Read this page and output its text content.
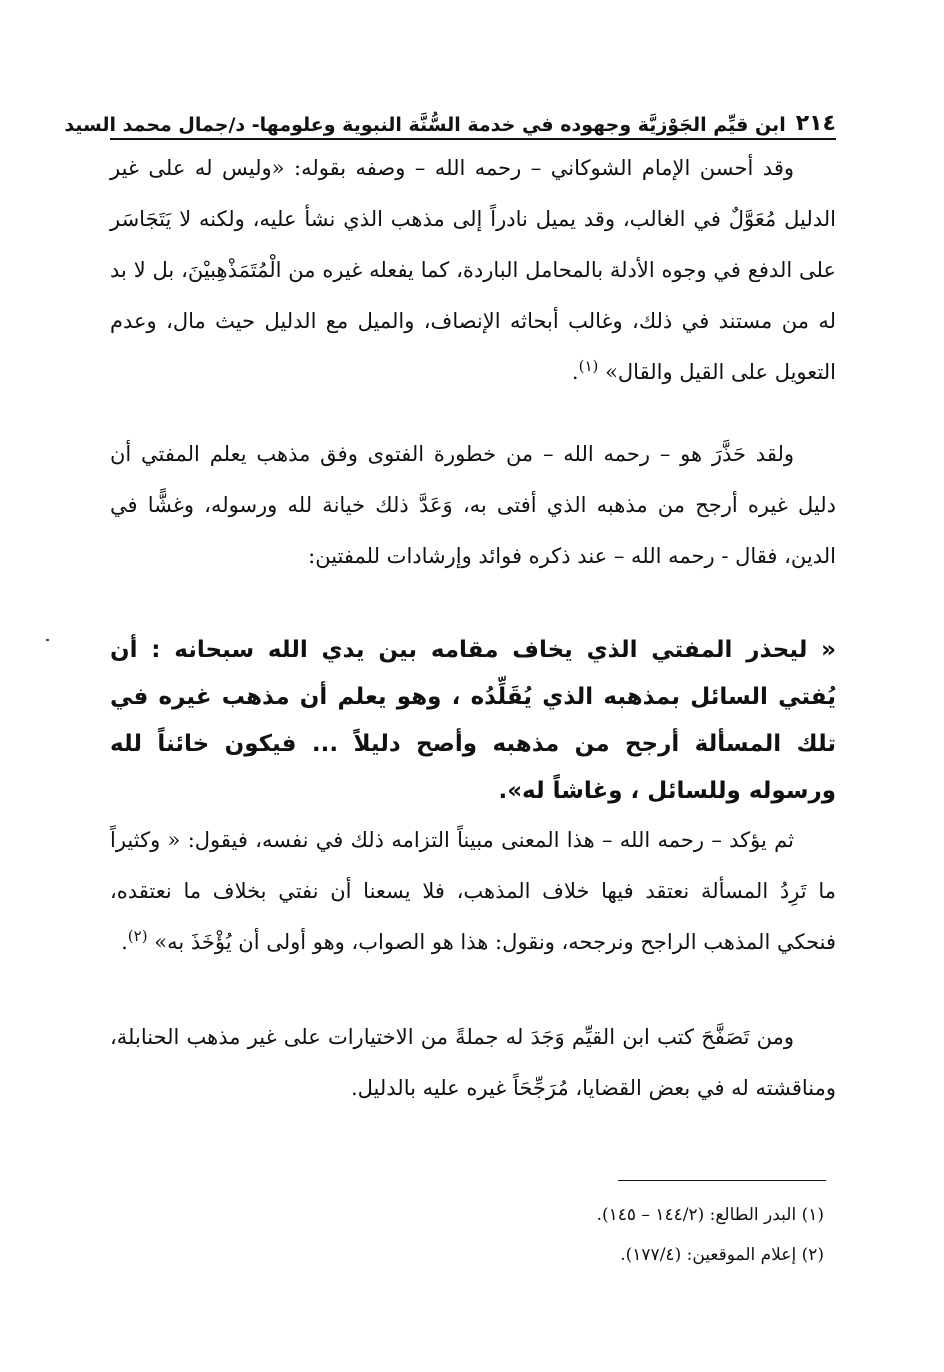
٢١٤
ابن قيِّم الجَوْزيَّة وجهوده في خدمة السُّنَّة النبوية وعلومها- د/جمال محمد السيد

وقد أحسن الإمام الشوكاني – رحمه الله – وصفه بقوله: «وليس له على غير الدليل مُعَوَّلٌ في الغالب، وقد يميل نادراً إلى مذهب الذي نشأ عليه، ولكنه لا يَتَجَاسَر على الدفع في وجوه الأدلة بالمحامل الباردة، كما يفعله غيره من الْمُتَمَذْهِبيْنَ، بل لا بد له من مستند في ذلك، وغالب أبحاثه الإنصاف، والميل مع الدليل حيث مال، وعدم التعويل على القيل والقال» $^{(١)}$.

ولقد حَذَّرَ هو – رحمه الله – من خطورة الفتوى وفق مذهب يعلم المفتي أن دليل غيره أرجح من مذهبه الذي أفتى به، وَعَدَّ ذلك خيانة لله ورسوله، وغشًّا في الدين، فقال - رحمه الله – عند ذكره فوائد وإرشادات للمفتين:

« ليحذر المفتي الذي يخاف مقامه بين يدي الله سبحانه : أن يُفتي السائل بمذهبه الذي يُقَلِّدُه ، وهو يعلم أن مذهب غيره في تلك المسألة أرجح من مذهبه وأصح دليلاً ... فيكون خائناً لله ورسوله وللسائل ، وغاشاً له».

ثم يؤكد – رحمه الله – هذا المعنى مبيناً التزامه ذلك في نفسه، فيقول: « وكثيراً ما تَرِدُ المسألة نعتقد فيها خلاف المذهب، فلا يسعنا أن نفتي بخلاف ما نعتقده، فنحكي المذهب الراجح ونرجحه، ونقول: هذا هو الصواب، وهو أولى أن يُؤْخَذَ به» $^{(٢)}$.

ومن تَصَفَّحَ كتب ابن القيِّم وَجَدَ له جملةً من الاختيارات على غير مذهب الحنابلة، ومناقشته له في بعض القضايا، مُرَجِّحَاً غيره عليه بالدليل.

(١) البدر الطالع: (١٤٤/٢ – ١٤٥).
(٢) إعلام الموقعين: (١٧٧/٤).
